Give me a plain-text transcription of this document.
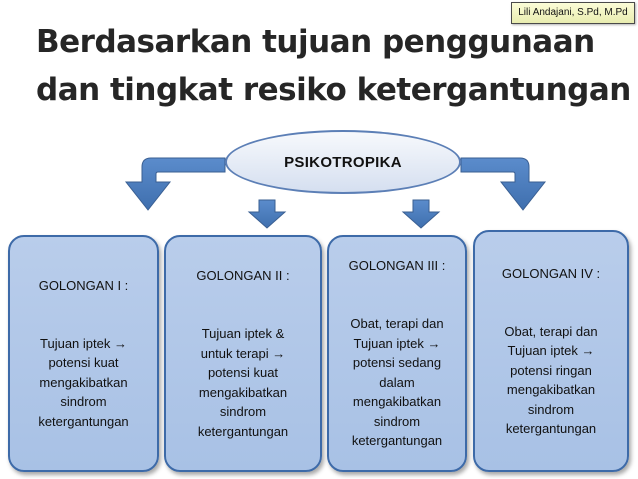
Lili Andajani, S.Pd, M.Pd
Berdasarkan tujuan penggunaan
dan tingkat resiko ketergantungan
PSIKOTROPIKA

GOLONGAN I :

Tujuan iptek →
potensi kuat
mengakibatkan
sindrom
ketergantungan

GOLONGAN II :

Tujuan iptek &
untuk terapi →
potensi kuat
mengakibatkan
sindrom
ketergantungan

GOLONGAN III :

Obat, terapi dan
Tujuan iptek →
potensi sedang
dalam
mengakibatkan
sindrom
ketergantungan

GOLONGAN IV :

Obat, terapi dan
Tujuan iptek →
potensi ringan
mengakibatkan
sindrom
ketergantungan
